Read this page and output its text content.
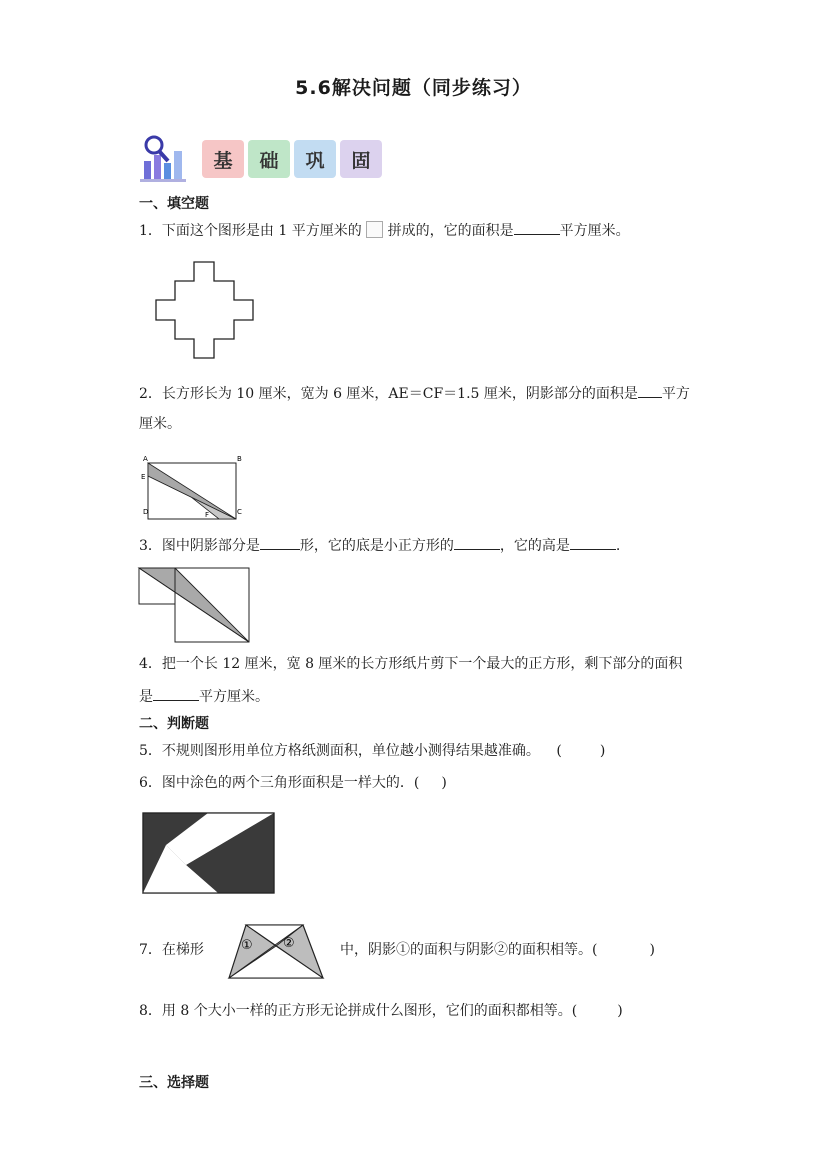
5.6解决问题（同步练习）
基	础	巩	固
一、填空题
1．下面这个图形是由 1 平方厘米的 拼成的，它的面积是	平方厘米。
2．长方形长为 10 厘米，宽为 6 厘米，AE＝CF＝1.5 厘米，阴影部分的面积是 平方
厘米。
A	B
E
D	F	C
3．图中阴影部分是	形，它的底是小正方形的	，它的高是	.
4．把一个长 12 厘米，宽 8 厘米的长方形纸片剪下一个最大的正方形，剩下部分的面积
是	平方厘米。
二、判断题
5．不规则图形用单位方格纸测面积，单位越小测得结果越准确。 (	)
6．图中涂色的两个三角形面积是一样大的．( )
7．在梯形	① ②	中，阴影①的面积与阴影②的面积相等。(	)
8．用 8 个大小一样的正方形无论拼成什么图形，它们的面积都相等。(	)
三、选择题
